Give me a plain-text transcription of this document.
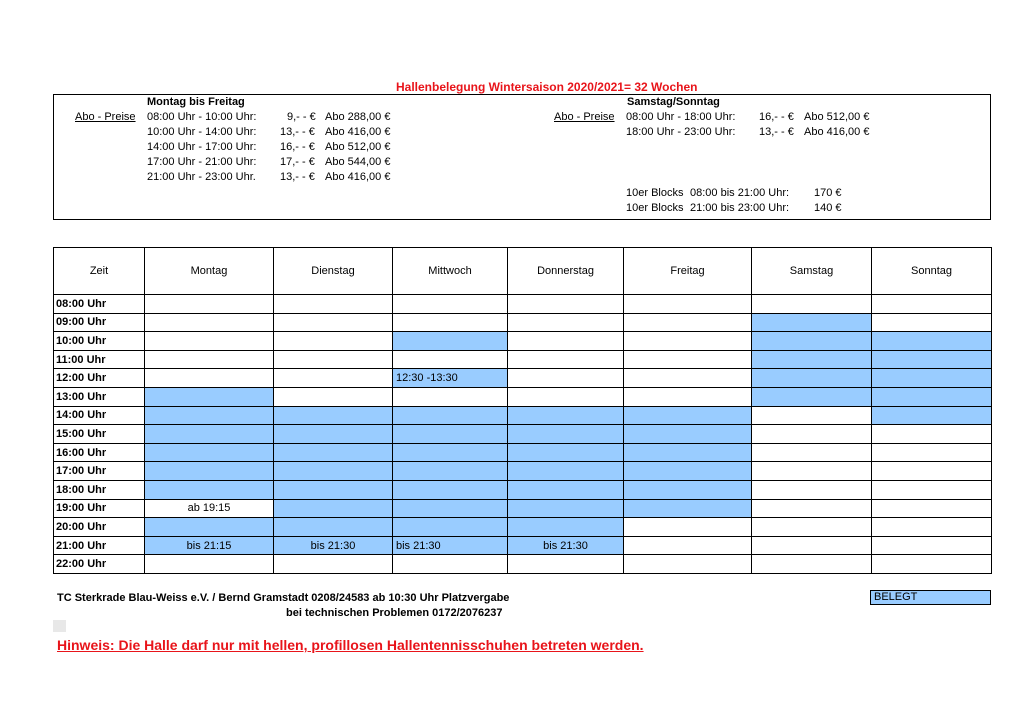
Hallenbelegung Wintersaison 2020/2021= 32 Wochen
Montag bis Freitag	Samstag/Sonntag
Abo - Preise	Abo - Preise
08:00 Uhr - 10:00 Uhr:	9,- - € Abo 288,00 €
10:00 Uhr - 14:00 Uhr: 13,- - € Abo 416,00 €
14:00 Uhr - 17:00 Uhr: 16,- - € Abo 512,00 €
17:00 Uhr - 21:00 Uhr: 17,- - € Abo 544,00 €
21:00 Uhr - 23:00 Uhr. 13,- - € Abo 416,00 €
08:00 Uhr - 18:00 Uhr: 16,- - € Abo 512,00 €
18:00 Uhr - 23:00 Uhr: 13,- - € Abo 416,00 €
10er Blocks 08:00 bis 21:00 Uhr: 170 €
10er Blocks 21:00 bis 23:00 Uhr: 140 €
Zeit	Montag	Dienstag	Mittwoch	Donnerstag	Freitag	Samstag	Sonntag
08:00 Uhr							
09:00 Uhr							
10:00 Uhr							
11:00 Uhr							
12:00 Uhr			12:30 -13:30				
13:00 Uhr							
14:00 Uhr							
15:00 Uhr							
16:00 Uhr							
17:00 Uhr							
18:00 Uhr							
19:00 Uhr	ab 19:15						
20:00 Uhr							
21:00 Uhr	bis 21:15	bis 21:30	bis 21:30	bis 21:30			
22:00 Uhr							
TC Sterkrade Blau-Weiss e.V. / Bernd Gramstadt 0208/24583 ab 10:30 Uhr Platzvergabe
bei technischen Problemen 0172/2076237
BELEGT
Hinweis: Die Halle darf nur mit hellen, profillosen Hallentennisschuhen betreten werden.
